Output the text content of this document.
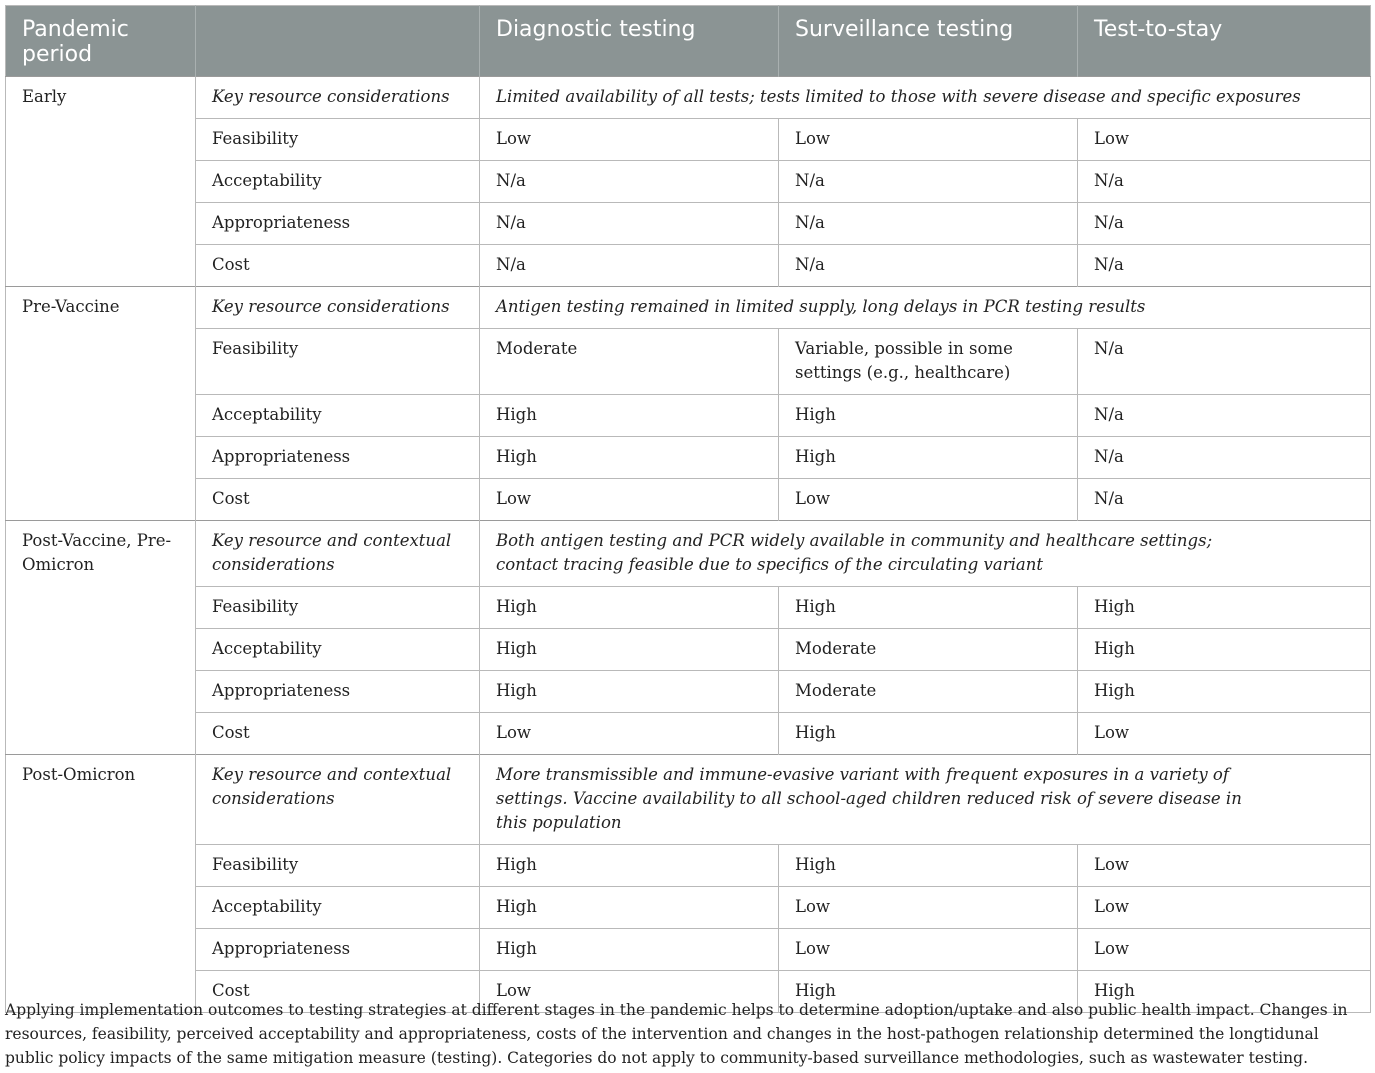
Pandemic period		Diagnostic testing	Surveillance testing	Test-to-stay
Early	Key resource considerations	Limited availability of all tests; tests limited to those with severe disease and specific exposures		
	Feasibility	Low	Low	Low
	Acceptability	N/a	N/a	N/a
	Appropriateness	N/a	N/a	N/a
	Cost	N/a	N/a	N/a
Pre-Vaccine	Key resource considerations	Antigen testing remained in limited supply, long delays in PCR testing results		
	Feasibility	Moderate	Variable, possible in some settings (e.g., healthcare)	N/a
	Acceptability	High	High	N/a
	Appropriateness	High	High	N/a
	Cost	Low	Low	N/a
Post-Vaccine, Pre-Omicron	Key resource and contextual considerations	Both antigen testing and PCR widely available in community and healthcare settings; contact tracing feasible due to specifics of the circulating variant		
	Feasibility	High	High	High
	Acceptability	High	Moderate	High
	Appropriateness	High	Moderate	High
	Cost	Low	High	Low
Post-Omicron	Key resource and contextual considerations	More transmissible and immune-evasive variant with frequent exposures in a variety of settings. Vaccine availability to all school-aged children reduced risk of severe disease in this population		
	Feasibility	High	High	Low
	Acceptability	High	Low	Low
	Appropriateness	High	Low	Low
	Cost	Low	High	High
Applying implementation outcomes to testing strategies at different stages in the pandemic helps to determine adoption/uptake and also public health impact. Changes in resources, feasibility, perceived acceptability and appropriateness, costs of the intervention and changes in the host-pathogen relationship determined the longtidunal public policy impacts of the same mitigation measure (testing). Categories do not apply to community-based surveillance methodologies, such as wastewater testing.
